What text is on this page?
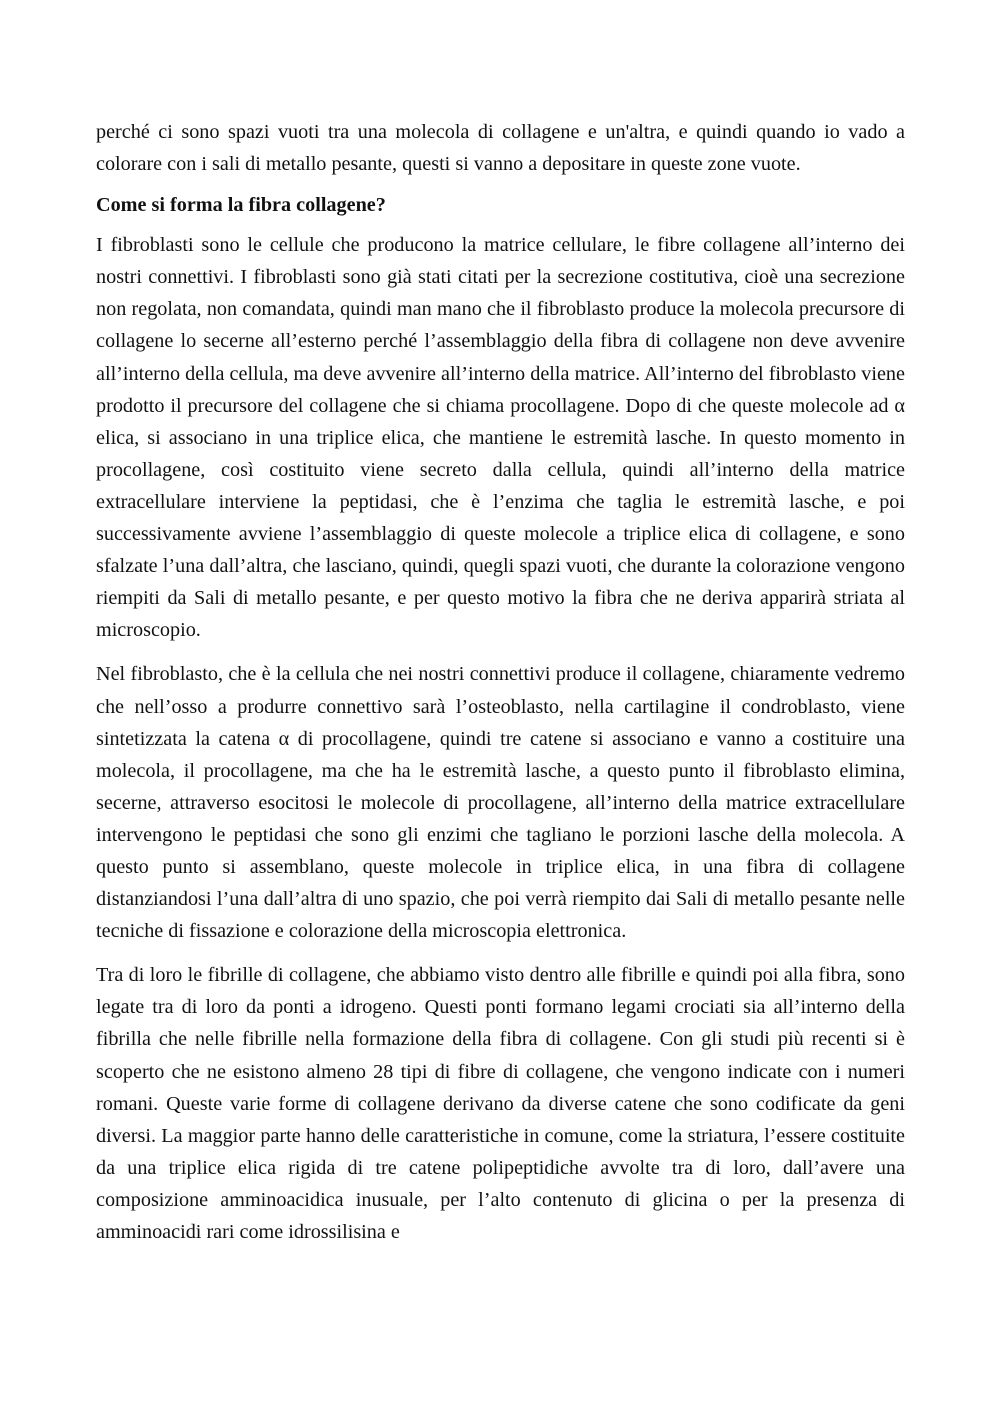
perché ci sono spazi vuoti tra una molecola di collagene e un'altra, e quindi quando io vado a colorare con i sali di metallo pesante, questi si vanno a depositare in queste zone vuote.

Come si forma la fibra collagene?

I fibroblasti sono le cellule che producono la matrice cellulare, le fibre collagene all’interno dei nostri connettivi. I fibroblasti sono già stati citati per la secrezione costitutiva, cioè una secrezione non regolata, non comandata, quindi man mano che il fibroblasto produce la molecola precursore di collagene lo secerne all’esterno perché l’assemblaggio della fibra di collagene non deve avvenire all’interno della cellula, ma deve avvenire all’interno della matrice. All’interno del fibroblasto viene prodotto il precursore del collagene che si chiama procollagene. Dopo di che queste molecole ad α elica, si associano in una triplice elica, che mantiene le estremità lasche. In questo momento in procollagene, così costituito viene secreto dalla cellula, quindi all’interno della matrice extracellulare interviene la peptidasi, che è l’enzima che taglia le estremità lasche, e poi successivamente avviene l’assemblaggio di queste molecole a triplice elica di collagene, e sono sfalzate l’una dall’altra, che lasciano, quindi, quegli spazi vuoti, che durante la colorazione vengono riempiti da Sali di metallo pesante, e per questo motivo la fibra che ne deriva apparirà striata al microscopio.

Nel fibroblasto, che è la cellula che nei nostri connettivi produce il collagene, chiaramente vedremo che nell’osso a produrre connettivo sarà l’osteoblasto, nella cartilagine il condroblasto, viene sintetizzata la catena α di procollagene, quindi tre catene si associano e vanno a costituire una molecola, il procollagene, ma che ha le estremità lasche, a questo punto il fibroblasto elimina, secerne, attraverso esocitosi le molecole di procollagene, all’interno della matrice extracellulare intervengono le peptidasi che sono gli enzimi che tagliano le porzioni lasche della molecola. A questo punto si assemblano, queste molecole in triplice elica, in una fibra di collagene distanziandosi l’una dall’altra di uno spazio, che poi verrà riempito dai Sali di metallo pesante nelle tecniche di fissazione e colorazione della microscopia elettronica.

Tra di loro le fibrille di collagene, che abbiamo visto dentro alle fibrille e quindi poi alla fibra, sono legate tra di loro da ponti a idrogeno. Questi ponti formano legami crociati sia all’interno della fibrilla che nelle fibrille nella formazione della fibra di collagene. Con gli studi più recenti si è scoperto che ne esistono almeno 28 tipi di fibre di collagene, che vengono indicate con i numeri romani. Queste varie forme di collagene derivano da diverse catene che sono codificate da geni diversi. La maggior parte hanno delle caratteristiche in comune, come la striatura, l’essere costituite da una triplice elica rigida di tre catene polipeptidiche avvolte tra di loro, dall’avere una composizione amminoacidica inusuale, per l’alto contenuto di glicina o per la presenza di amminoacidi rari come idrossilisina e
